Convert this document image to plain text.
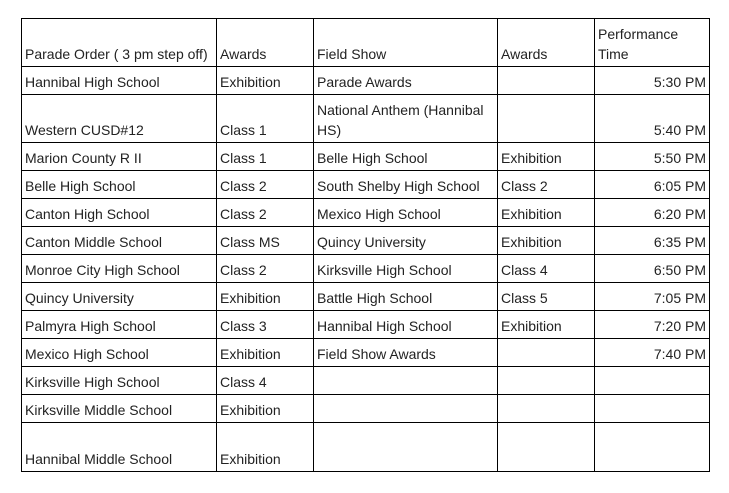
Parade Order ( 3 pm step off)	Awards	Field Show	Awards	Performance Time
Hannibal High School	Exhibition	Parade Awards		5:30 PM
Western CUSD#12	Class 1	National Anthem (Hannibal HS)		5:40 PM
Marion County R II	Class 1	Belle High School	Exhibition	5:50 PM
Belle High School	Class 2	South Shelby High School	Class 2	6:05 PM
Canton High School	Class 2	Mexico High School	Exhibition	6:20 PM
Canton Middle School	Class MS	Quincy University	Exhibition	6:35 PM
Monroe City High School	Class 2	Kirksville High School	Class 4	6:50 PM
Quincy University	Exhibition	Battle High School	Class 5	7:05 PM
Palmyra High School	Class 3	Hannibal High School	Exhibition	7:20 PM
Mexico High School	Exhibition	Field Show Awards		7:40 PM
Kirksville High School	Class 4			
Kirksville Middle School	Exhibition			
Hannibal Middle School	Exhibition			
